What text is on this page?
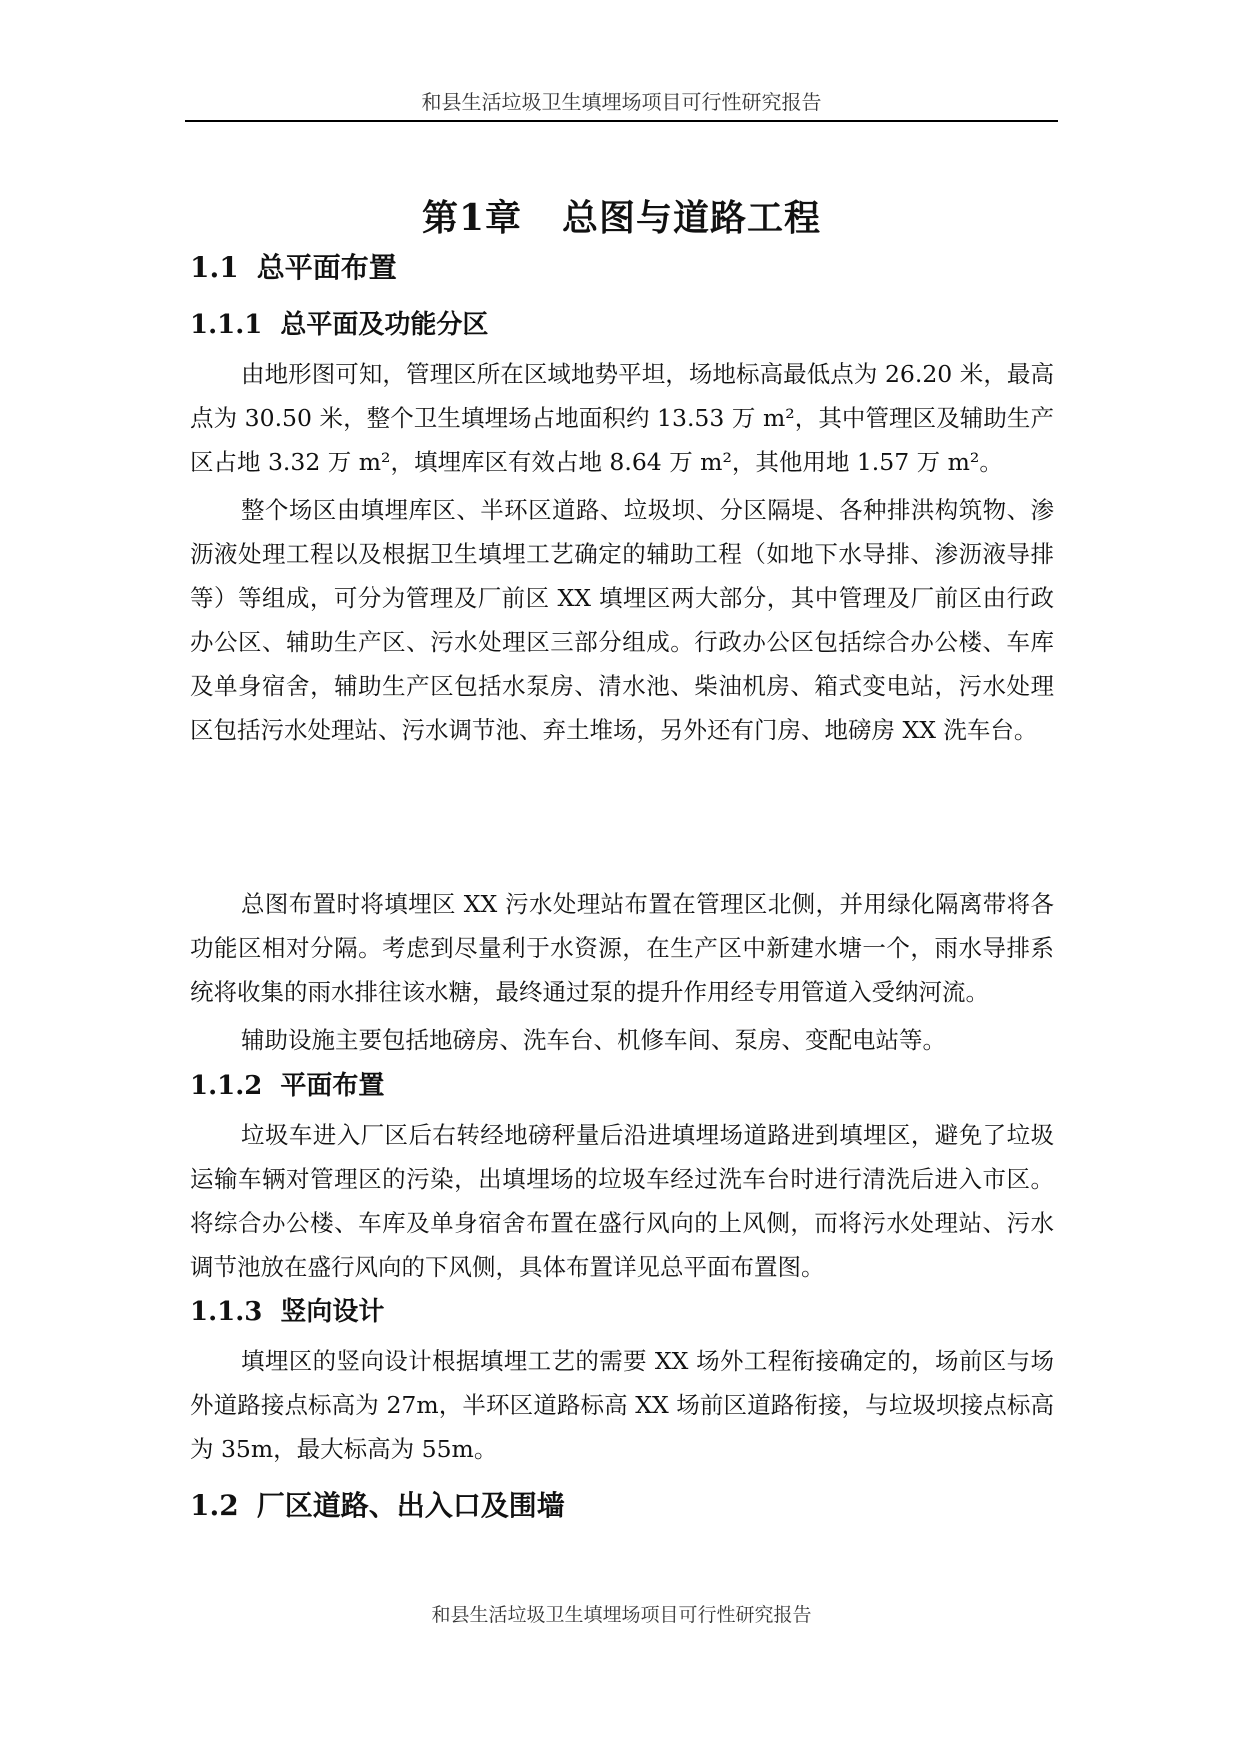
和县生活垃圾卫生填埋场项目可行性研究报告
第1章 总图与道路工程
1.1 总平面布置
1.1.1 总平面及功能分区

由地形图可知，管理区所在区域地势平坦，场地标高最低点为 26.20 米，最高点为 30.50 米，整个卫生填埋场占地面积约 13.53 万 m²，其中管理区及辅助生产区占地 3.32 万 m²，填埋库区有效占地 8.64 万 m²，其他用地 1.57 万 m²。

整个场区由填埋库区、半环区道路、垃圾坝、分区隔堤、各种排洪构筑物、渗沥液处理工程以及根据卫生填埋工艺确定的辅助工程（如地下水导排、渗沥液导排等）等组成，可分为管理及厂前区 XX 填埋区两大部分，其中管理及厂前区由行政办公区、辅助生产区、污水处理区三部分组成。行政办公区包括综合办公楼、车库及单身宿舍，辅助生产区包括水泵房、清水池、柴油机房、箱式变电站，污水处理区包括污水处理站、污水调节池、弃土堆场，另外还有门房、地磅房 XX 洗车台。

总图布置时将填埋区 XX 污水处理站布置在管理区北侧，并用绿化隔离带将各功能区相对分隔。考虑到尽量利于水资源，在生产区中新建水塘一个，雨水导排系统将收集的雨水排往该水糖，最终通过泵的提升作用经专用管道入受纳河流。

辅助设施主要包括地磅房、洗车台、机修车间、泵房、变配电站等。

1.1.2 平面布置

垃圾车进入厂区后右转经地磅秤量后沿进填埋场道路进到填埋区，避免了垃圾运输车辆对管理区的污染，出填埋场的垃圾车经过洗车台时进行清洗后进入市区。将综合办公楼、车库及单身宿舍布置在盛行风向的上风侧，而将污水处理站、污水调节池放在盛行风向的下风侧，具体布置详见总平面布置图。

1.1.3 竖向设计

填埋区的竖向设计根据填埋工艺的需要 XX 场外工程衔接确定的，场前区与场外道路接点标高为 27m，半环区道路标高 XX 场前区道路衔接，与垃圾坝接点标高为 35m，最大标高为 55m。

1.2 厂区道路、出入口及围墙
和县生活垃圾卫生填埋场项目可行性研究报告
